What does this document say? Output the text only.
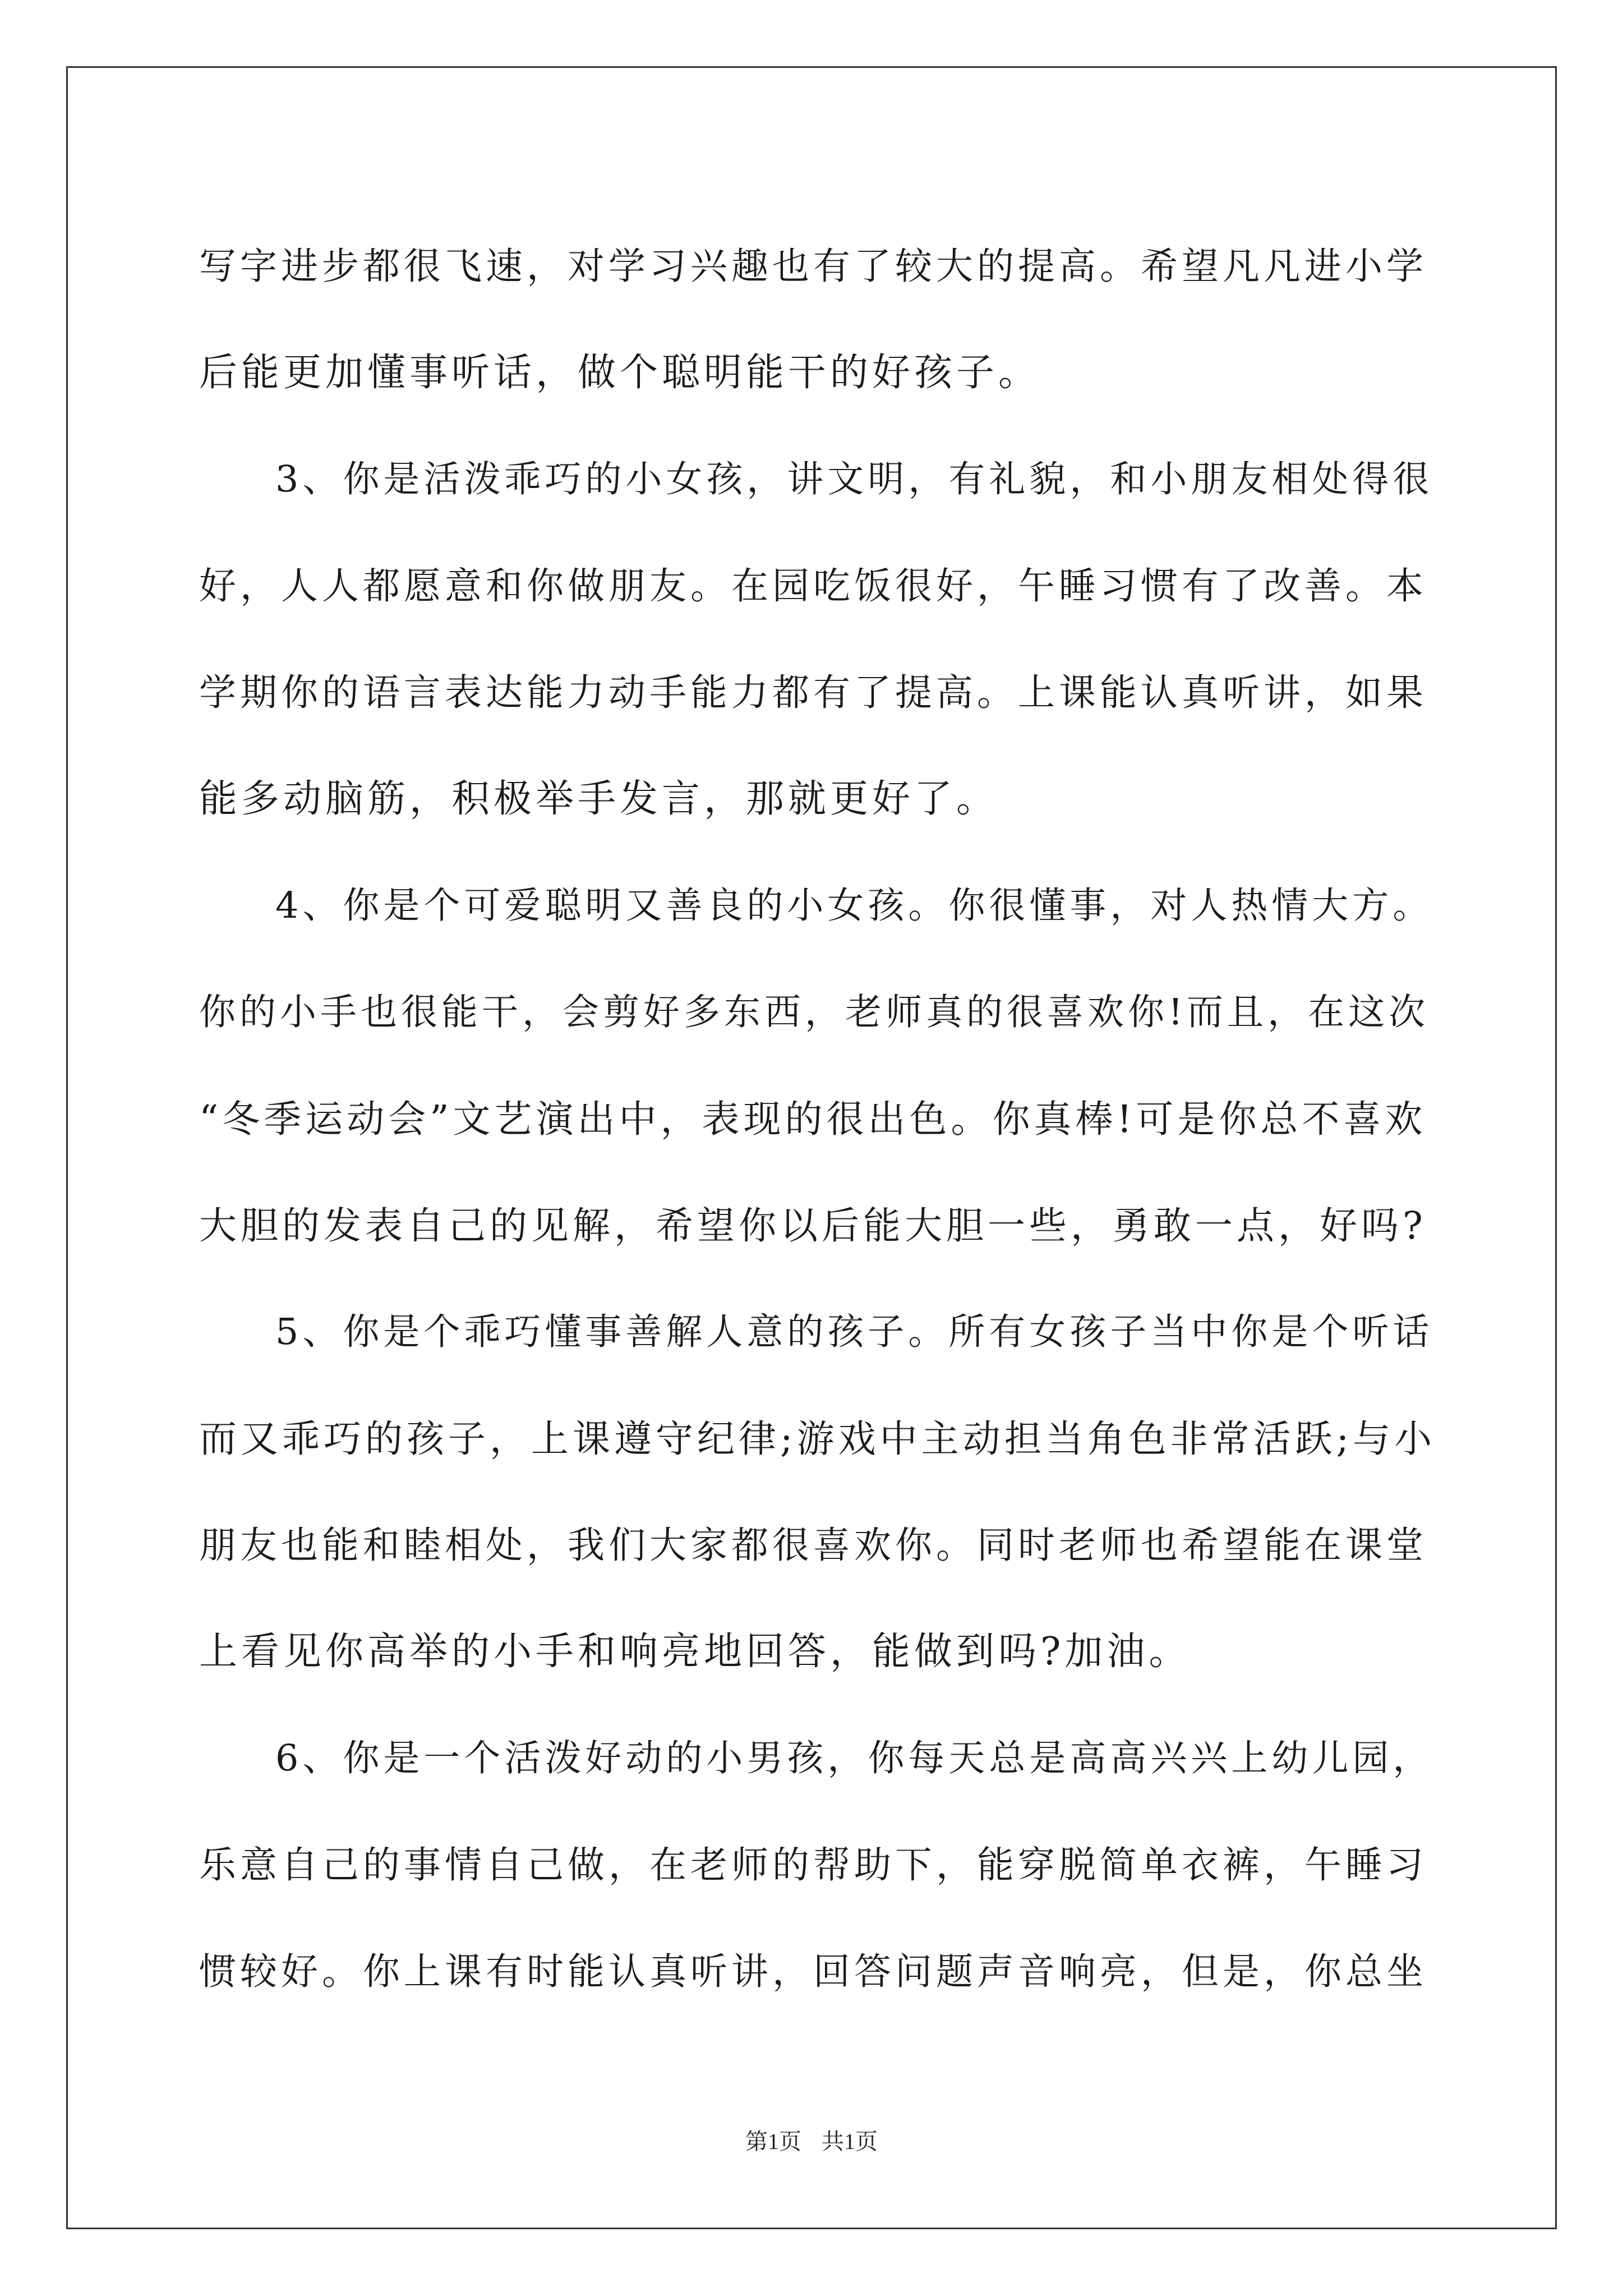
写字进步都很飞速，对学习兴趣也有了较大的提高。希望凡凡进小学
后能更加懂事听话，做个聪明能干的好孩子。
3、你是活泼乖巧的小女孩，讲文明，有礼貌，和小朋友相处得很
好，人人都愿意和你做朋友。在园吃饭很好，午睡习惯有了改善。本
学期你的语言表达能力动手能力都有了提高。上课能认真听讲，如果
能多动脑筋，积极举手发言，那就更好了。
4、你是个可爱聪明又善良的小女孩。你很懂事，对人热情大方。
你的小手也很能干，会剪好多东西，老师真的很喜欢你!而且，在这次
“冬季运动会”文艺演出中，表现的很出色。你真棒!可是你总不喜欢
大胆的发表自己的见解，希望你以后能大胆一些，勇敢一点，好吗?
5、你是个乖巧懂事善解人意的孩子。所有女孩子当中你是个听话
而又乖巧的孩子，上课遵守纪律;游戏中主动担当角色非常活跃;与小
朋友也能和睦相处，我们大家都很喜欢你。同时老师也希望能在课堂
上看见你高举的小手和响亮地回答，能做到吗?加油。
6、你是一个活泼好动的小男孩，你每天总是高高兴兴上幼儿园，
乐意自己的事情自己做，在老师的帮助下，能穿脱简单衣裤，午睡习
惯较好。你上课有时能认真听讲，回答问题声音响亮，但是，你总坐
第1页 共1页
